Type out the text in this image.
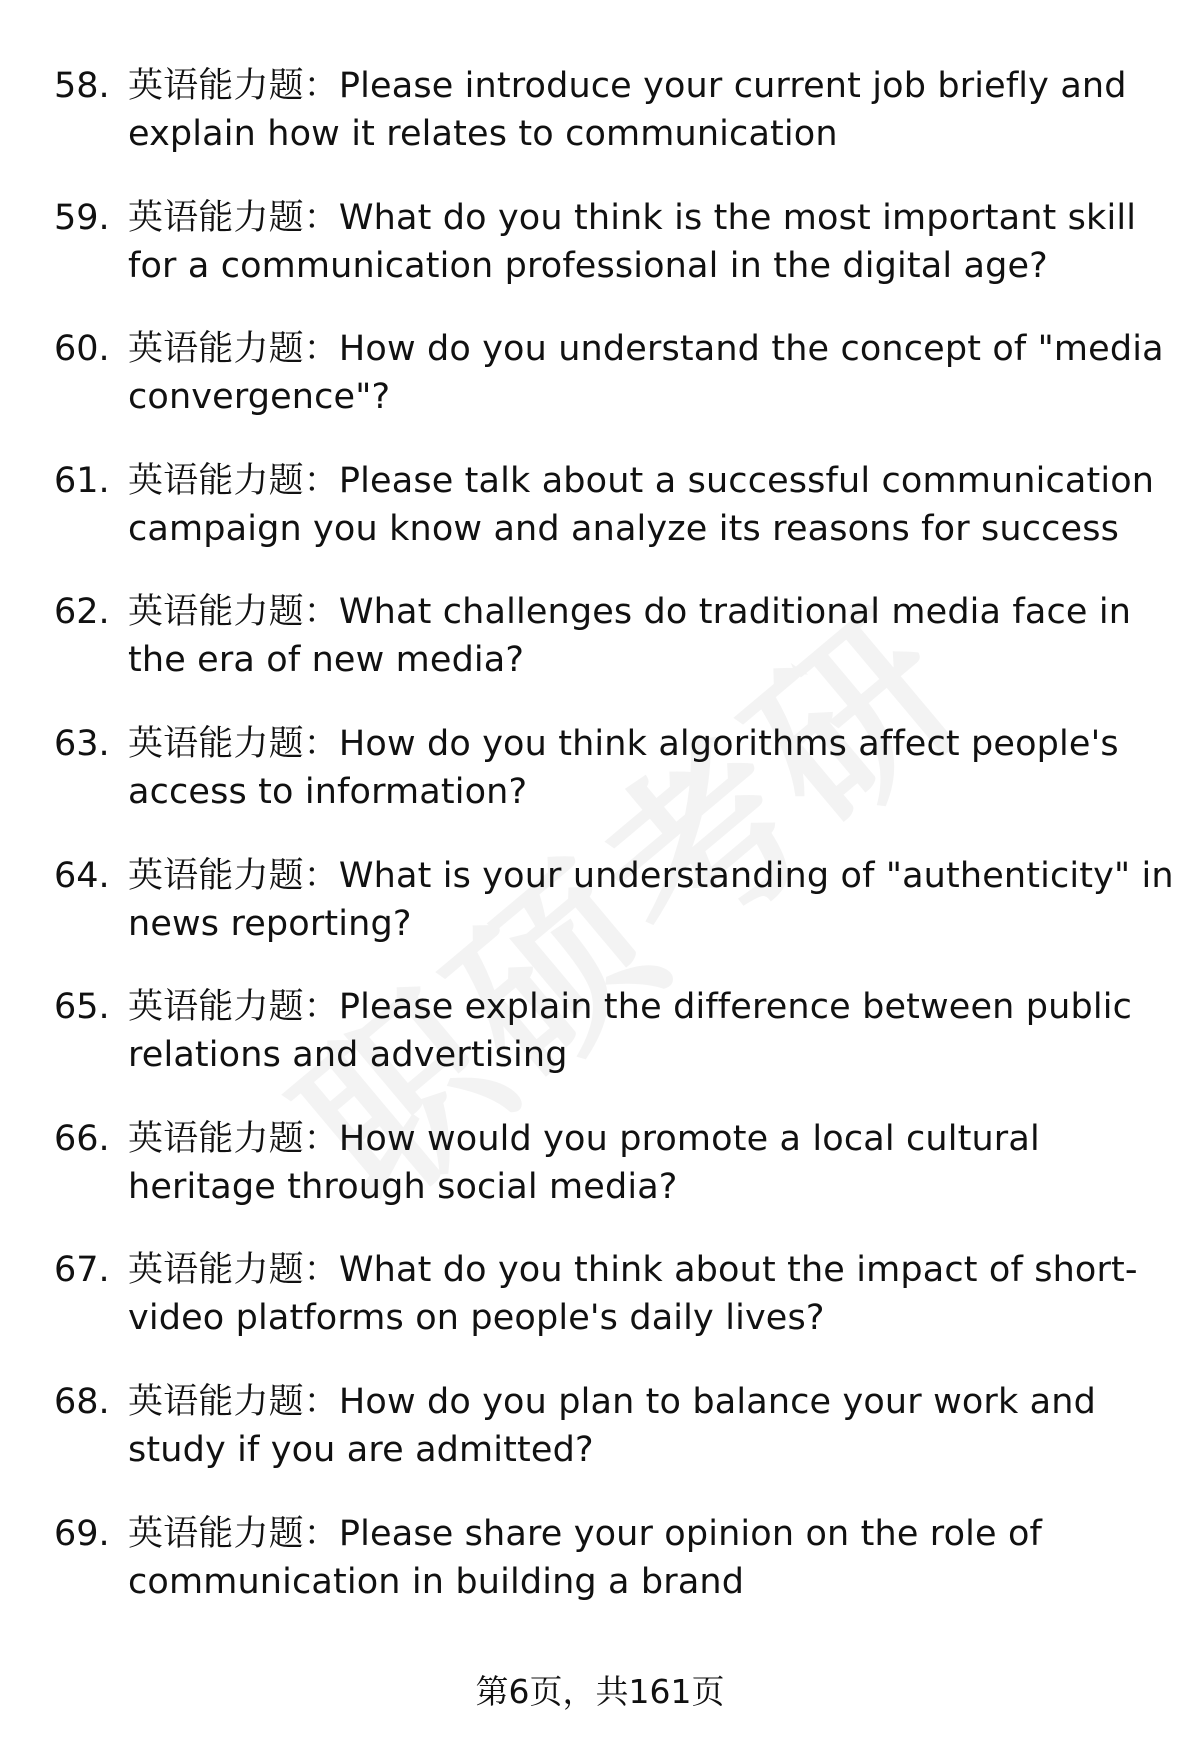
58. 英语能力题：Please introduce your current job briefly and explain how it relates to communication
59. 英语能力题：What do you think is the most important skill for a communication professional in the digital age?
60. 英语能力题：How do you understand the concept of "media convergence"?
61. 英语能力题：Please talk about a successful communication campaign you know and analyze its reasons for success
62. 英语能力题：What challenges do traditional media face in the era of new media?
63. 英语能力题：How do you think algorithms affect people's access to information?
64. 英语能力题：What is your understanding of "authenticity" in news reporting?
65. 英语能力题：Please explain the difference between public relations and advertising
66. 英语能力题：How would you promote a local cultural heritage through social media?
67. 英语能力题：What do you think about the impact of short-video platforms on people's daily lives?
68. 英语能力题：How do you plan to balance your work and study if you are admitted?
69. 英语能力题：Please share your opinion on the role of communication in building a brand
第6页，共161页
